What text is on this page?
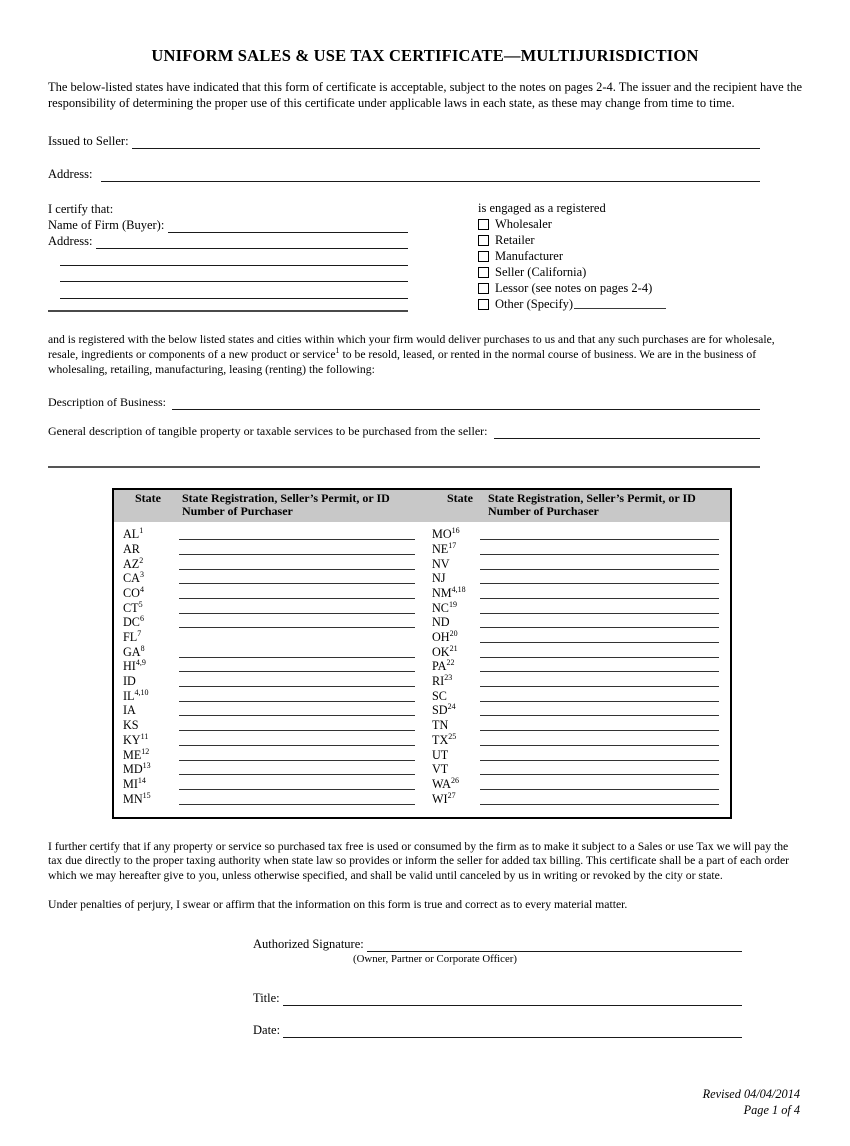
UNIFORM SALES & USE TAX CERTIFICATE—MULTIJURISDICTION
The below-listed states have indicated that this form of certificate is acceptable, subject to the notes on pages 2-4. The issuer and the recipient have the responsibility of determining the proper use of this certificate under applicable laws in each state, as these may change from time to time.
Issued to Seller:
Address:
I certify that:
Name of Firm (Buyer):
Address:
is engaged as a registered
Wholesaler
Retailer
Manufacturer
Seller (California)
Lessor (see notes on pages 2-4)
Other (Specify)
and is registered with the below listed states and cities within which your firm would deliver purchases to us and that any such purchases are for wholesale, resale, ingredients or components of a new product or service$^1$ to be resold, leased, or rented in the normal course of business. We are in the business of wholesaling, retailing, manufacturing, leasing (renting) the following:
Description of Business:
General description of tangible property or taxable services to be purchased from the seller:
State	State Registration, Seller’s Permit, or ID Number of Purchaser
State	State Registration, Seller’s Permit, or ID Number of Purchaser
$AL^1$
AR
$AZ^2$
$CA^3$
$CO^4$
$CT^5$
$DC^6$
$FL^7$
$GA^8$
HI$^{4,9}$
ID
IL$^{4,10}$
IA
KS
KY$^{11}$
ME$^{12}$
MD$^{13}$
MI$^{14}$
MN$^{15}$
MO$^{16}$
NE$^{17}$
NV
NJ
NM$^{4,18}$
NC$^{19}$
ND
OH$^{20}$
OK$^{21}$
PA$^{22}$
RI$^{23}$
SC
SD$^{24}$
TN
TX$^{25}$
UT
VT
WA$^{26}$
WI$^{27}$
I further certify that if any property or service so purchased tax free is used or consumed by the firm as to make it subject to a Sales or use Tax we will pay the tax due directly to the proper taxing authority when state law so provides or inform the seller for added tax billing. This certificate shall be a part of each order which we may hereafter give to you, unless otherwise specified, and shall be valid until canceled by us in writing or revoked by the city or state.
Under penalties of perjury, I swear or affirm that the information on this form is true and correct as to every material matter.
Authorized Signature:
(Owner, Partner or Corporate Officer)
Title:
Date:
Revised 04/04/2014
Page 1 of 4
